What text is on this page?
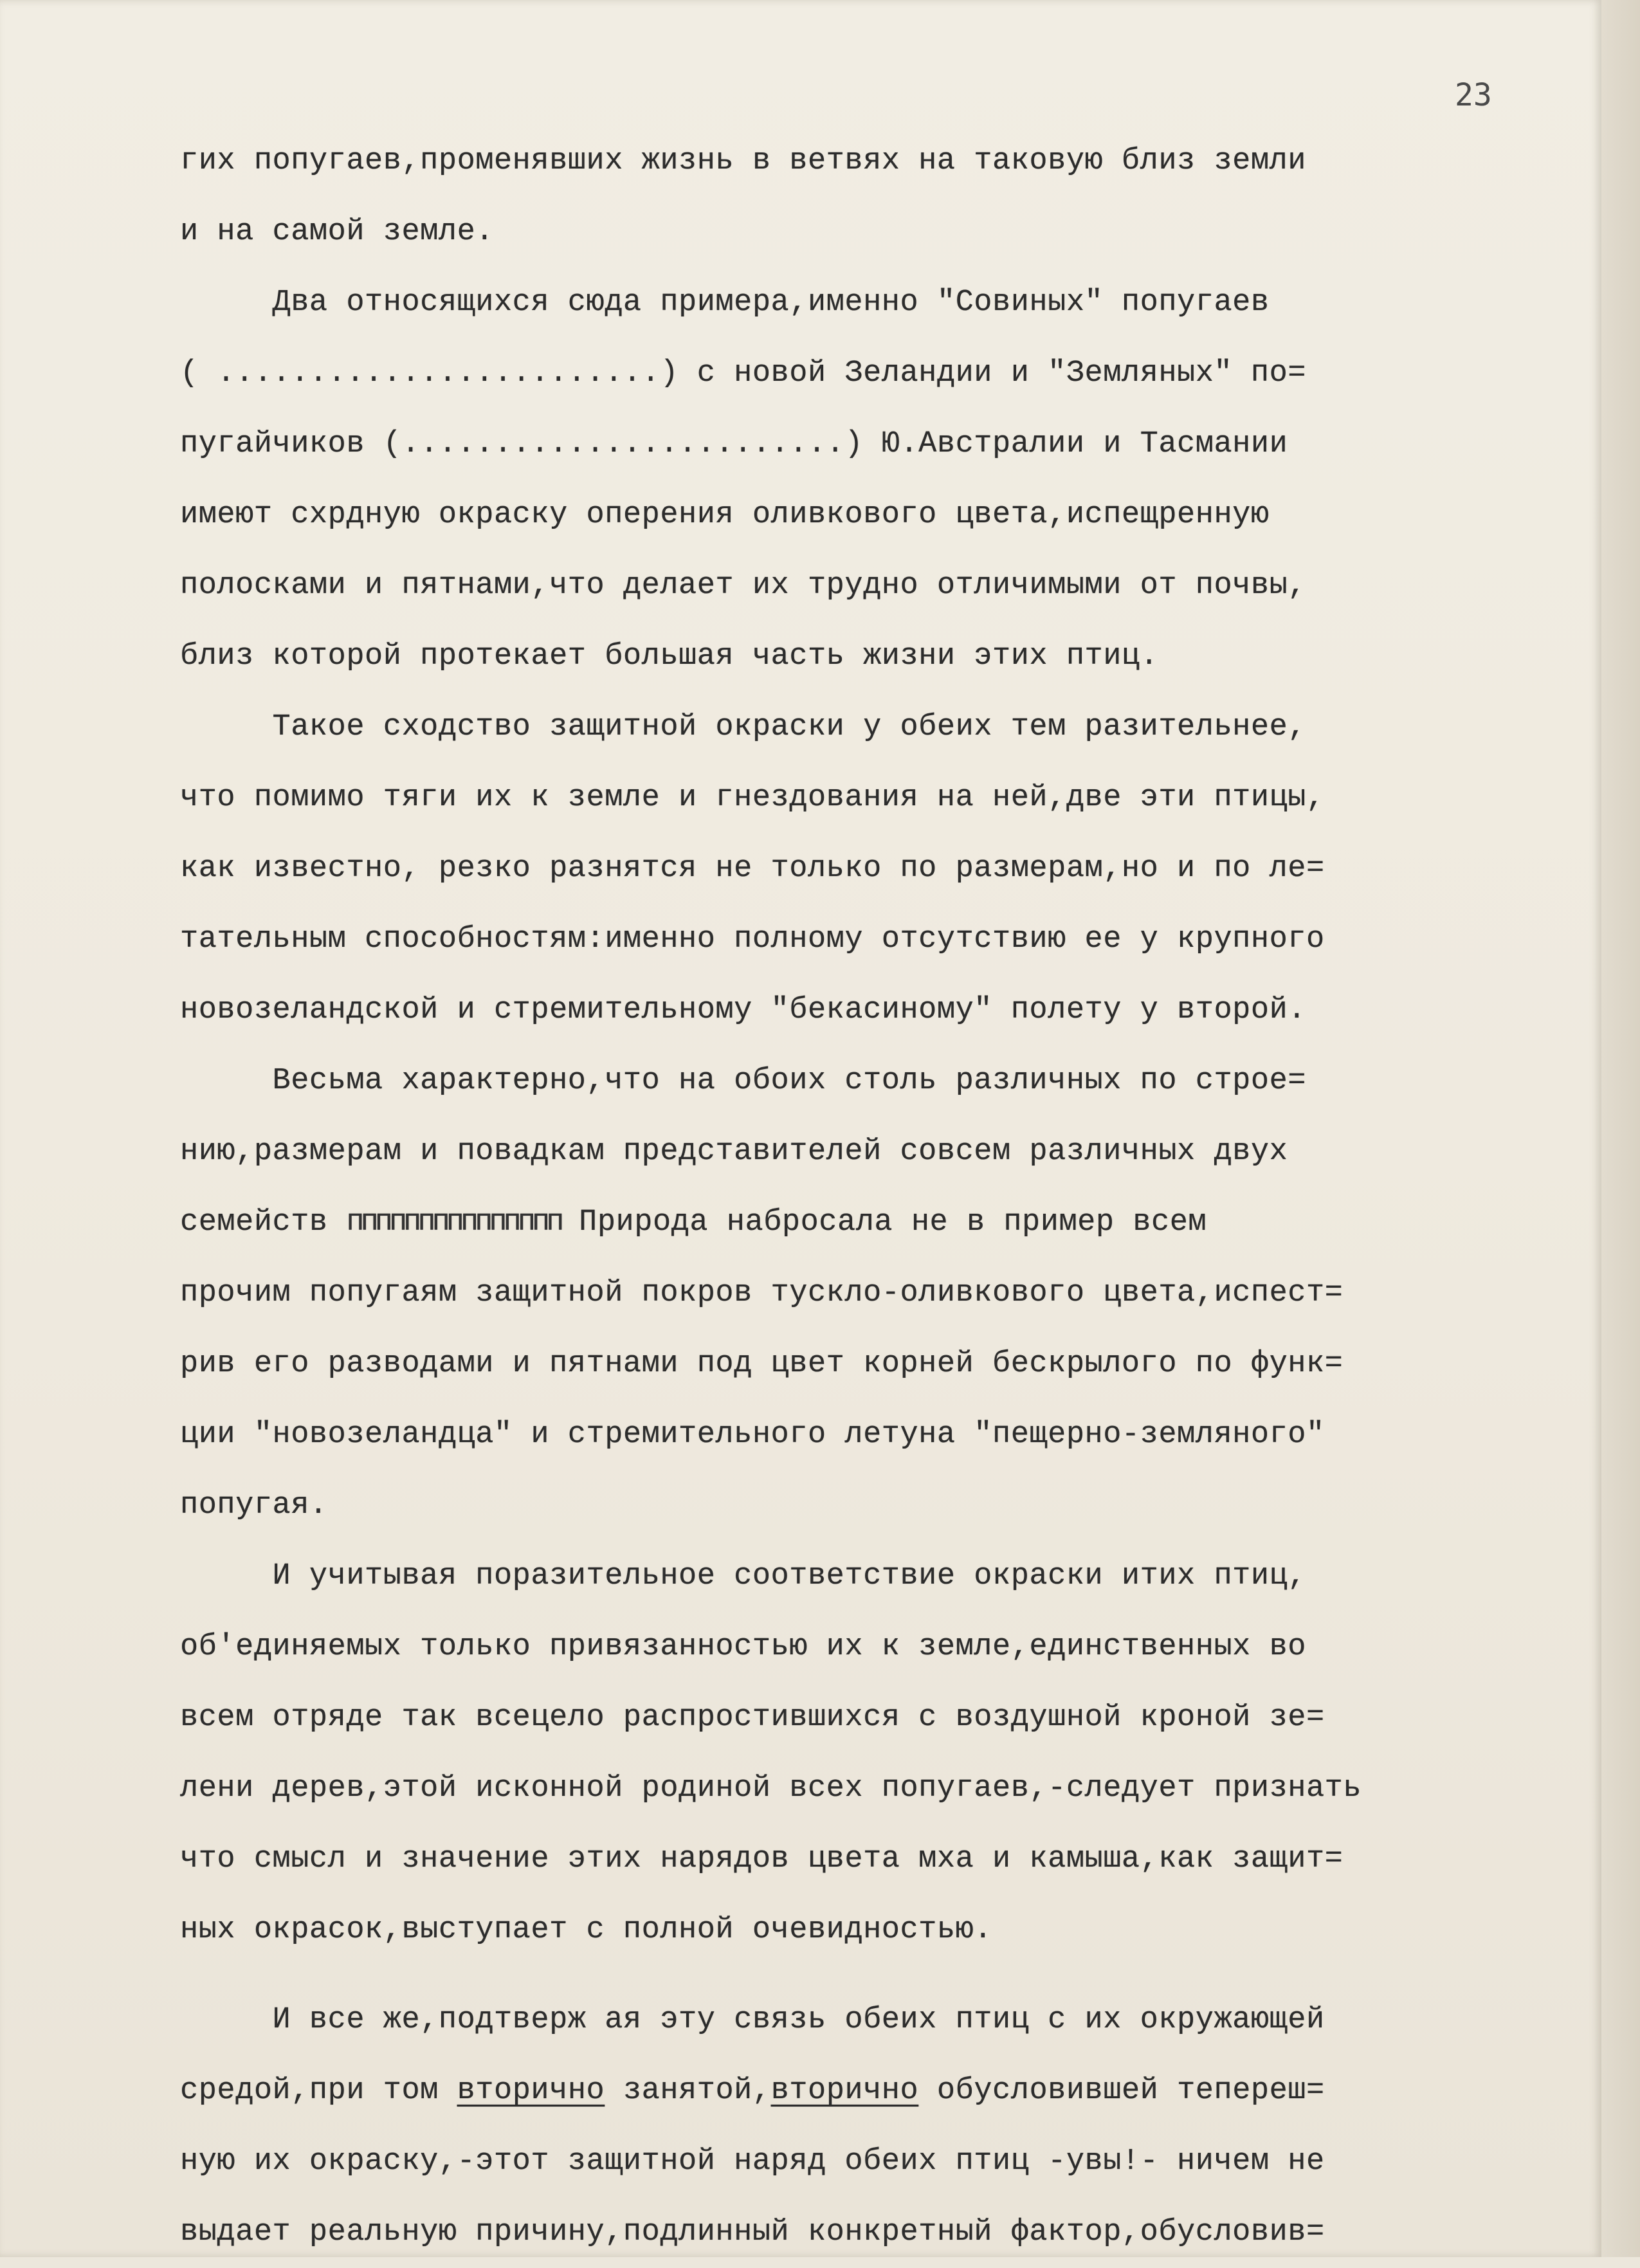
23
гих попугаев,променявших жизнь в ветвях на таковую близ земли
и на самой земле.
Два относящихся сюда примера,именно "Совиных" попугаев
( ........................) с новой Зеландии и "Земляных" по=
пугайчиков (........................) Ю.Австралии и Тасмании
имеют схрдную окраску оперения оливкового цвета,испещренную
полосками и пятнами,что делает их трудно отличимыми от почвы,
близ которой протекает большая часть жизни этих птиц.
Такое сходство защитной окраски у обеих тем разительнее,
что помимо тяги их к земле и гнездования на ней,две эти птицы,
как известно, резко разнятся не только по размерам,но и по ле=
тательным способностям:именно полному отсутствию ее у крупного
новозеландской и стремительному "бекасиному" полету у второй.
Весьма характерно,что на обоих столь различных по строе=
нию,размерам и повадкам представителей совсем различных двух
семейств ппппппппппппппп Природа набросала не в пример всем
прочим попугаям защитной покров тускло-оливкового цвета,испест=
рив его разводами и пятнами под цвет корней бескрылого по функ=
ции "новозеландца" и стремительного летуна "пещерно-земляного"
попугая.
И учитывая поразительное соответствие окраски итих птиц,
об'единяемых только привязанностью их к земле,единственных во
всем отряде так всецело распростившихся с воздушной кроной зе=
лени дерев,этой исконной родиной всех попугаев,-следует признать
что смысл и значение этих нарядов цвета мха и камыша,как защит=
ных окрасок,выступает с полной очевидностью.
И все же,подтверж ая эту связь обеих птиц с их окружающей
средой,при том вторично занятой,вторично обусловившей тепереш=
ную их окраску,-этот защитной наряд обеих птиц -увы!- ничем не
выдает реальную причину,подлинный конкретный фактор,обусловив=
